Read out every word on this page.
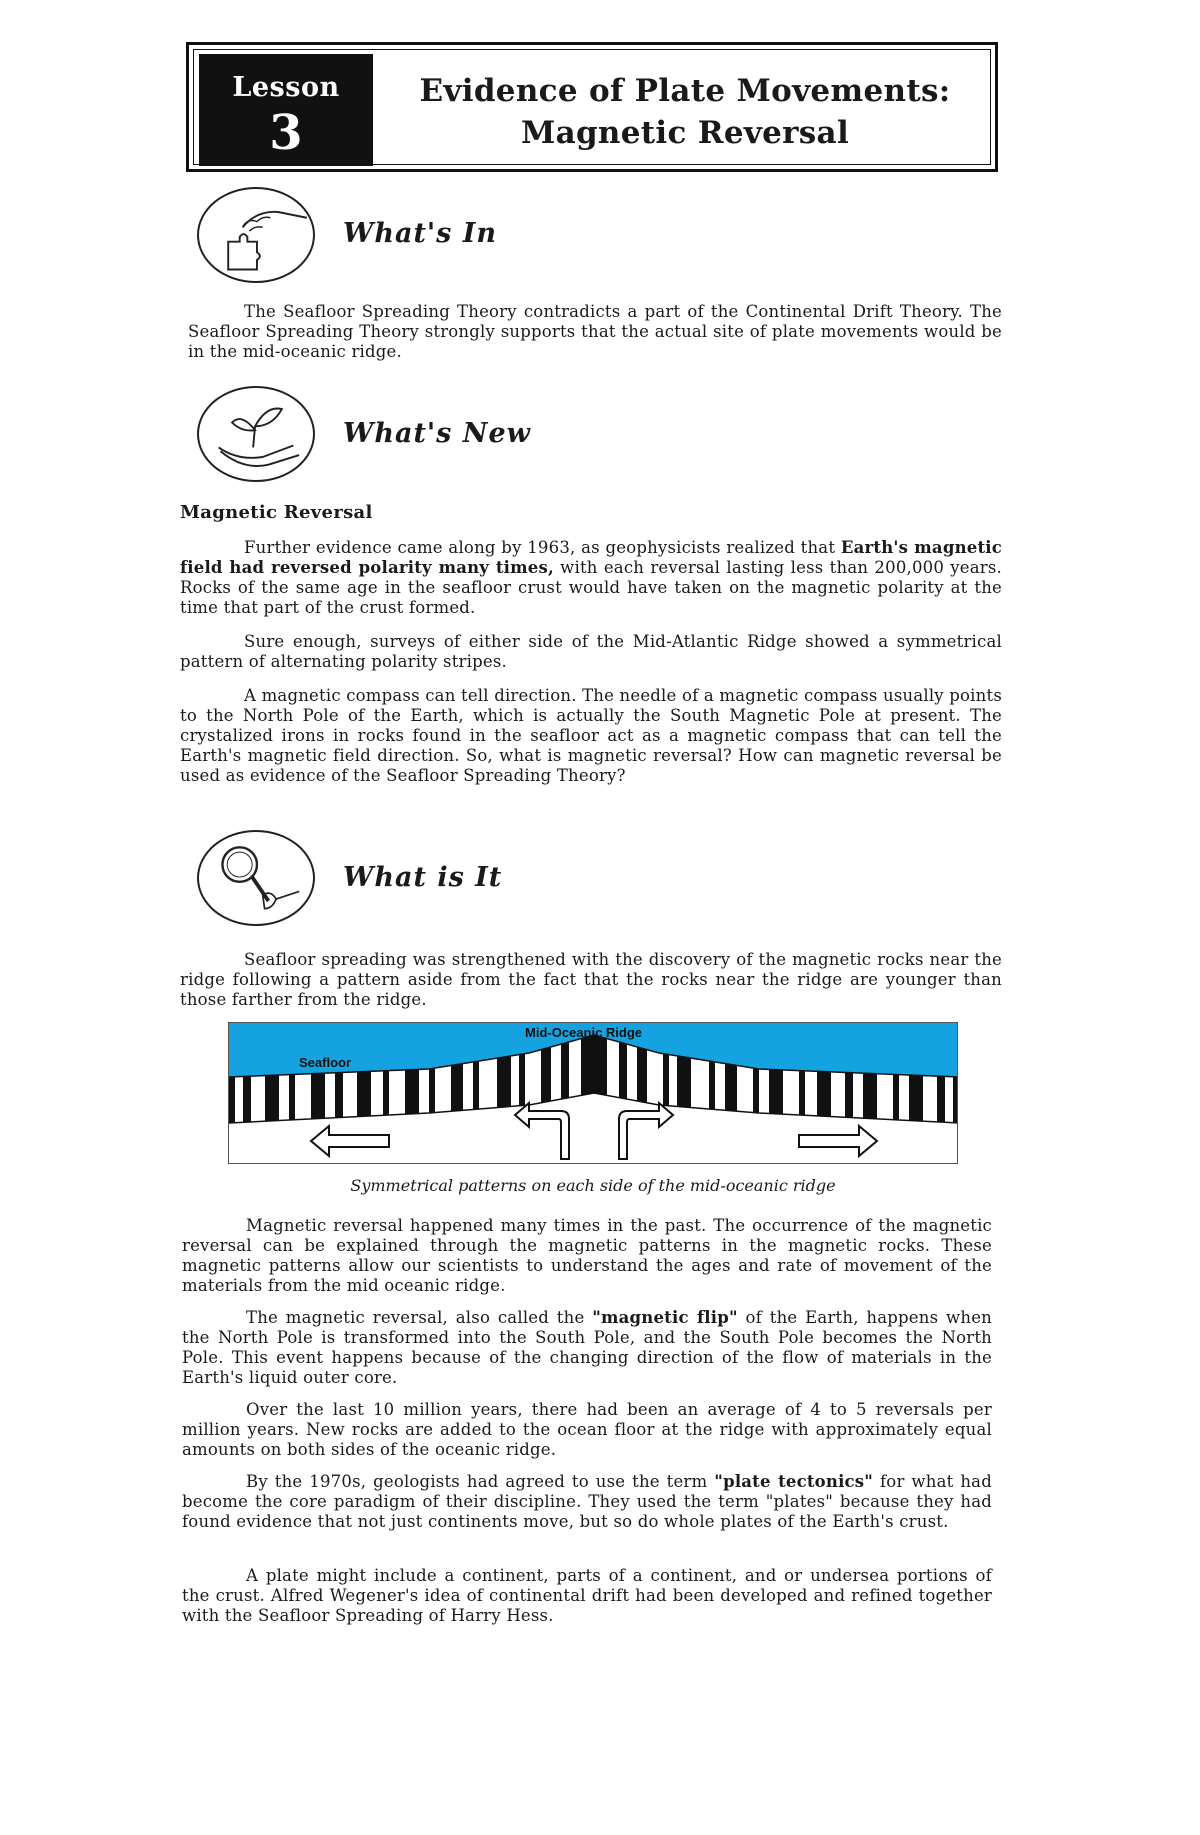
Lesson
3
Evidence of Plate Movements:
Magnetic Reversal
What's In
The Seafloor Spreading Theory contradicts a part of the Continental Drift Theory. The Seafloor Spreading Theory strongly supports that the actual site of plate movements would be in the mid-oceanic ridge.
What's New
Magnetic Reversal
Further evidence came along by 1963, as geophysicists realized that Earth's magnetic field had reversed polarity many times, with each reversal lasting less than 200,000 years. Rocks of the same age in the seafloor crust would have taken on the magnetic polarity at the time that part of the crust formed.
Sure enough, surveys of either side of the Mid-Atlantic Ridge showed a symmetrical pattern of alternating polarity stripes.
A magnetic compass can tell direction. The needle of a magnetic compass usually points to the North Pole of the Earth, which is actually the South Magnetic Pole at present. The crystalized irons in rocks found in the seafloor act as a magnetic compass that can tell the Earth's magnetic field direction. So, what is magnetic reversal? How can magnetic reversal be used as evidence of the Seafloor Spreading Theory?
What is It
Seafloor spreading was strengthened with the discovery of the magnetic rocks near the ridge following a pattern aside from the fact that the rocks near the ridge are younger than those farther from the ridge.
Mid-Oceanic Ridge
Seafloor
Symmetrical patterns on each side of the mid-oceanic ridge
Magnetic reversal happened many times in the past. The occurrence of the magnetic reversal can be explained through the magnetic patterns in the magnetic rocks. These magnetic patterns allow our scientists to understand the ages and rate of movement of the materials from the mid oceanic ridge.
The magnetic reversal, also called the "magnetic flip" of the Earth, happens when the North Pole is transformed into the South Pole, and the South Pole becomes the North Pole. This event happens because of the changing direction of the flow of materials in the Earth's liquid outer core.
Over the last 10 million years, there had been an average of 4 to 5 reversals per million years. New rocks are added to the ocean floor at the ridge with approximately equal amounts on both sides of the oceanic ridge.
By the 1970s, geologists had agreed to use the term "plate tectonics" for what had become the core paradigm of their discipline. They used the term "plates" because they had found evidence that not just continents move, but so do whole plates of the Earth's crust.
A plate might include a continent, parts of a continent, and or undersea portions of the crust. Alfred Wegener's idea of continental drift had been developed and refined together with the Seafloor Spreading of Harry Hess.
